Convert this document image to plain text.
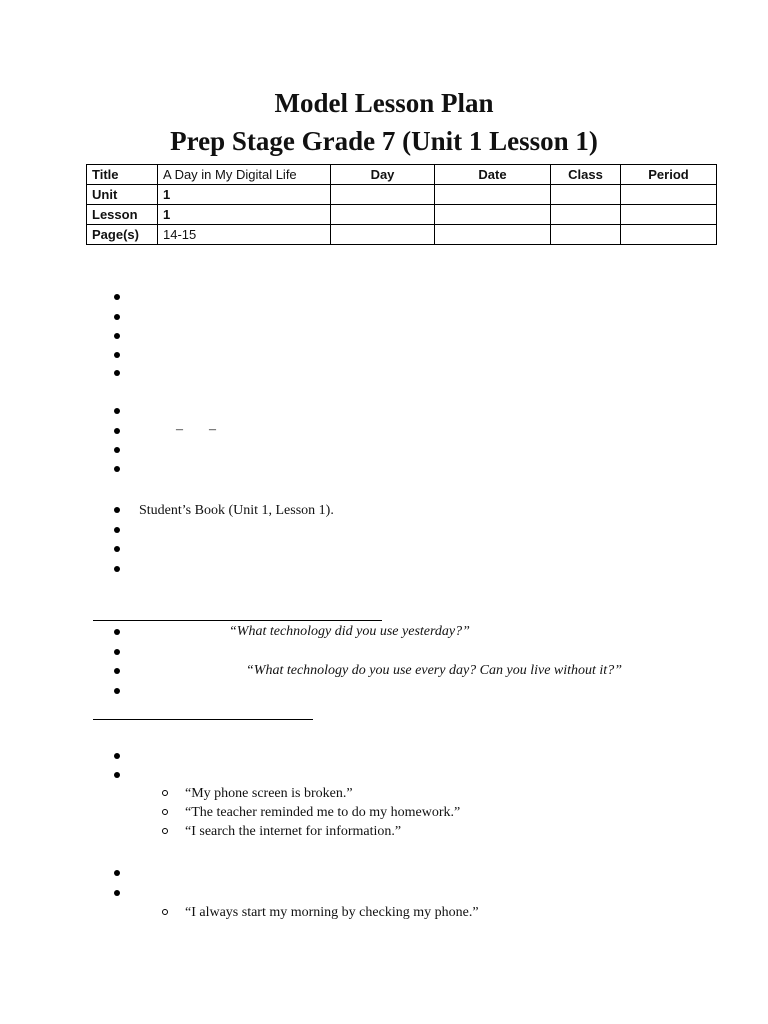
Model Lesson Plan
Prep Stage Grade 7 (Unit 1 Lesson 1)
Title	A Day in My Digital Life	Day	Date	Class	Period
Unit	1				
Lesson	1				
Page(s)	14-15				
– –
Student’s Book (Unit 1, Lesson 1).
“What technology did you use yesterday?”
“What technology do you use every day? Can you live without it?”
“My phone screen is broken.”
“The teacher reminded me to do my homework.”
“I search the internet for information.”
“I always start my morning by checking my phone.”
